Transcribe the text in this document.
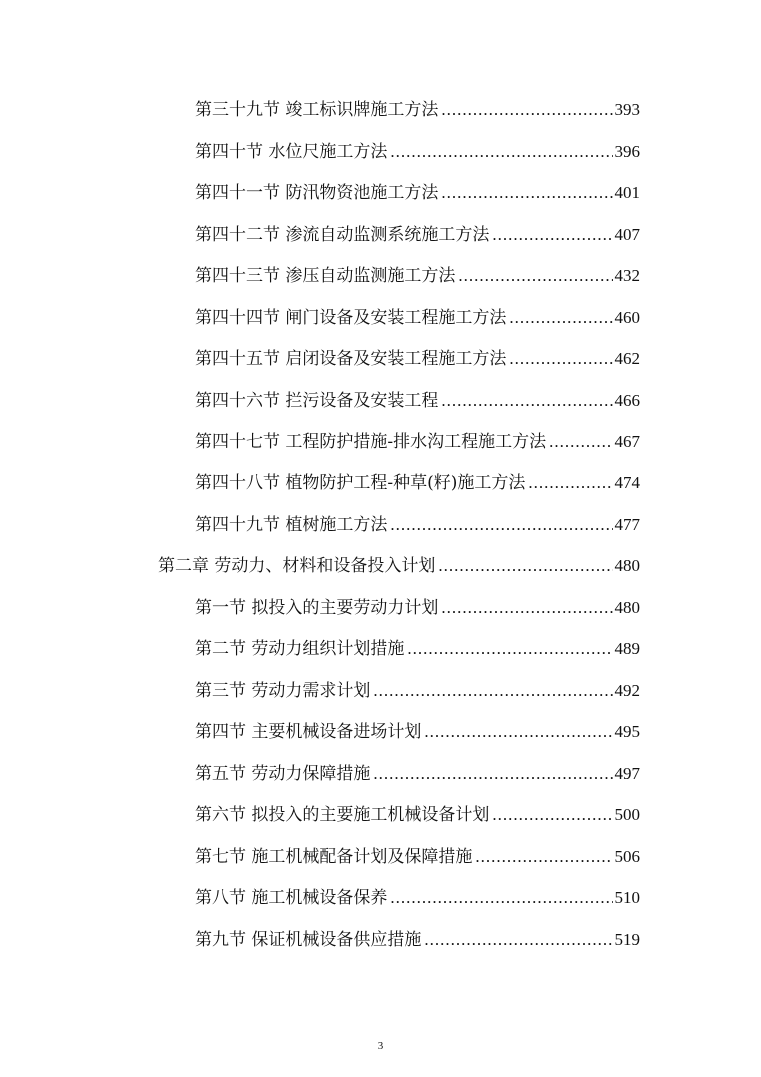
第三十九节 竣工标识牌施工方法 .....	393
第四十节 水位尺施工方法 .....	396
第四十一节 防汛物资池施工方法 .....	401
第四十二节 渗流自动监测系统施工方法 .....	407
第四十三节 渗压自动监测施工方法 .....	432
第四十四节 闸门设备及安装工程施工方法 .....	460
第四十五节 启闭设备及安装工程施工方法 .....	462
第四十六节 拦污设备及安装工程 .....	466
第四十七节 工程防护措施-排水沟工程施工方法 .....	467
第四十八节 植物防护工程-种草(籽)施工方法 .....	474
第四十九节 植树施工方法 .....	477
第二章 劳动力、材料和设备投入计划 .....	480
第一节 拟投入的主要劳动力计划 .....	480
第二节 劳动力组织计划措施 .....	489
第三节 劳动力需求计划 .....	492
第四节 主要机械设备进场计划 .....	495
第五节 劳动力保障措施 .....	497
第六节 拟投入的主要施工机械设备计划 .....	500
第七节 施工机械配备计划及保障措施 .....	506
第八节 施工机械设备保养 .....	510
第九节 保证机械设备供应措施 .....	519
3
